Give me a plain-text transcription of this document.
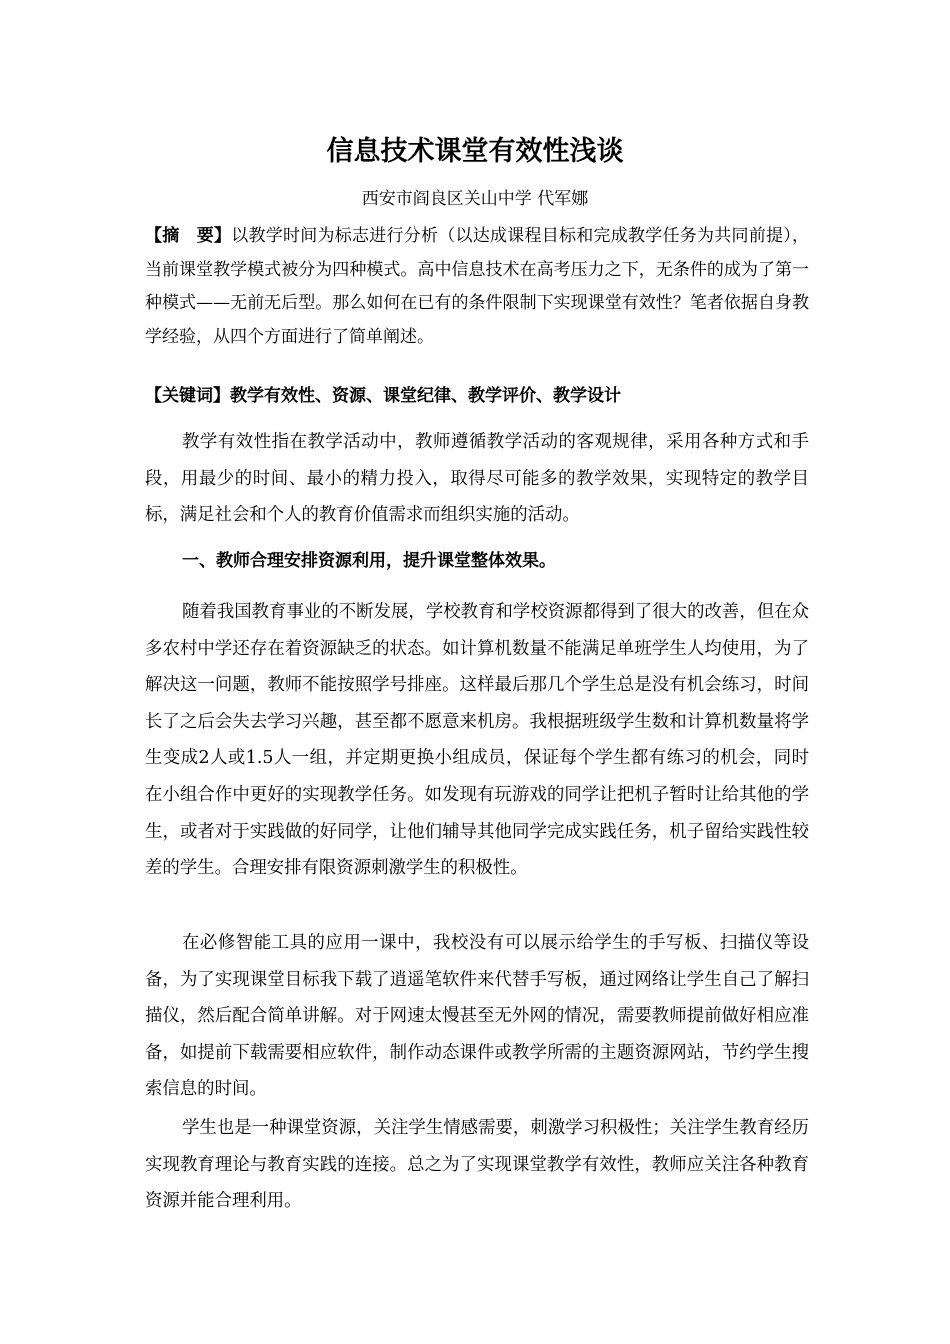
信息技术课堂有效性浅谈

西安市阎良区关山中学 代军娜

【摘　要】以教学时间为标志进行分析（以达成课程目标和完成教学任务为共同前提），当前课堂教学模式被分为四种模式。高中信息技术在高考压力之下，无条件的成为了第一种模式——无前无后型。那么如何在已有的条件限制下实现课堂有效性？笔者依据自身教学经验，从四个方面进行了简单阐述。

【关键词】教学有效性、资源、课堂纪律、教学评价、教学设计

教学有效性指在教学活动中，教师遵循教学活动的客观规律，采用各种方式和手段，用最少的时间、最小的精力投入，取得尽可能多的教学效果，实现特定的教学目标，满足社会和个人的教育价值需求而组织实施的活动。

一、教师合理安排资源利用，提升课堂整体效果。

随着我国教育事业的不断发展，学校教育和学校资源都得到了很大的改善，但在众多农村中学还存在着资源缺乏的状态。如计算机数量不能满足单班学生人均使用，为了解决这一问题，教师不能按照学号排座。这样最后那几个学生总是没有机会练习，时间长了之后会失去学习兴趣，甚至都不愿意来机房。我根据班级学生数和计算机数量将学生变成2人或1.5人一组，并定期更换小组成员，保证每个学生都有练习的机会，同时在小组合作中更好的实现教学任务。如发现有玩游戏的同学让把机子暂时让给其他的学生，或者对于实践做的好同学，让他们辅导其他同学完成实践任务，机子留给实践性较差的学生。合理安排有限资源刺激学生的积极性。

在必修智能工具的应用一课中，我校没有可以展示给学生的手写板、扫描仪等设备，为了实现课堂目标我下载了逍遥笔软件来代替手写板，通过网络让学生自己了解扫描仪，然后配合简单讲解。对于网速太慢甚至无外网的情况，需要教师提前做好相应准备，如提前下载需要相应软件，制作动态课件或教学所需的主题资源网站，节约学生搜索信息的时间。

学生也是一种课堂资源，关注学生情感需要，刺激学习积极性；关注学生教育经历实现教育理论与教育实践的连接。总之为了实现课堂教学有效性，教师应关注各种教育资源并能合理利用。
